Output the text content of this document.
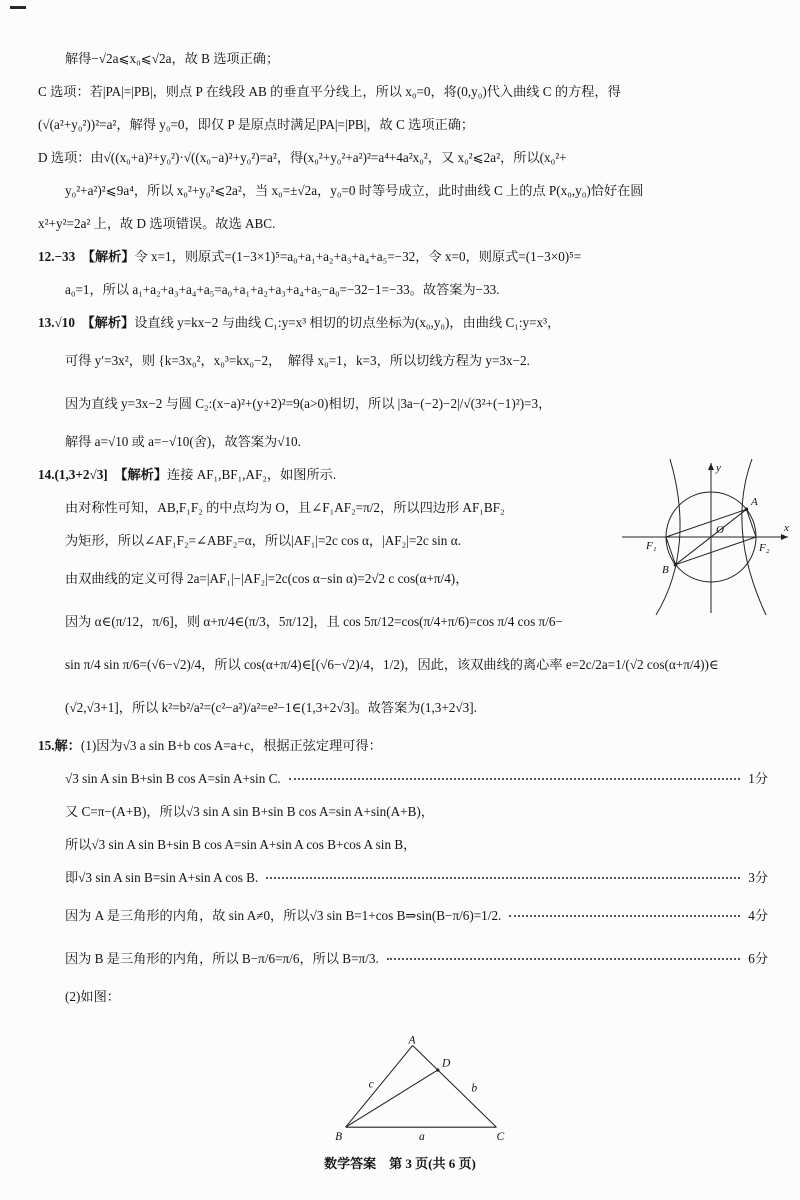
解得−√2a⩽x₀⩽√2a，故 B 选项正确；
C 选项：若|PA|=|PB|，则点 P 在线段 AB 的垂直平分线上，所以 x₀=0，将(0,y₀)代入曲线 C 的方程，得
(√(a²+y₀²))²=a²，解得 y₀=0，即仅 P 是原点时满足|PA|=|PB|，故 C 选项正确；
D 选项：由√((x₀+a)²+y₀²)·√((x₀−a)²+y₀²)=a²，得(x₀²+y₀²+a²)²=a⁴+4a²x₀²，又 x₀²⩽2a²，所以(x₀²+
y₀²+a²)²⩽9a⁴，所以 x₀²+y₀²⩽2a²，当 x₀=±√2a，y₀=0 时等号成立，此时曲线 C 上的点 P(x₀,y₀)恰好在圆
x²+y²=2a² 上，故 D 选项错误。故选 ABC.
12.−33　【解析】令 x=1，则原式=(1−3×1)⁵=a₀+a₁+a₂+a₃+a₄+a₅=−32，令 x=0，则原式=(1−3×0)⁵=
a₀=1，所以 a₁+a₂+a₃+a₄+a₅=a₀+a₁+a₂+a₃+a₄+a₅−a₀=−32−1=−33。故答案为−33.
13.√10　【解析】设直线 y=kx−2 与曲线 C₁:y=x³ 相切的切点坐标为(x₀,y₀)，由曲线 C₁:y=x³，
可得 y′=3x²，则 {k=3x₀²，x₀³=kx₀−2，　解得 x₀=1，k=3，所以切线方程为 y=3x−2.
因为直线 y=3x−2 与圆 C₂:(x−a)²+(y+2)²=9(a>0)相切，所以 |3a−(−2)−2|/√(3²+(−1)²)=3，
解得 a=√10 或 a=−√10(舍)，故答案为√10.
14.(1,3+2√3]　【解析】连接 AF₁,BF₁,AF₂，如图所示.
由对称性可知，AB,F₁F₂ 的中点均为 O，且∠F₁AF₂=π/2，所以四边形 AF₁BF₂
为矩形，所以∠AF₁F₂=∠ABF₂=α，所以|AF₁|=2c cos α，|AF₂|=2c sin α.
由双曲线的定义可得 2a=|AF₁|−|AF₂|=2c(cos α−sin α)=2√2 c cos(α+π/4)，
因为 α∈(π/12，π/6]，则 α+π/4∈(π/3，5π/12]，且 cos 5π/12=cos(π/4+π/6)=cos π/4 cos π/6−
sin π/4 sin π/6=(√6−√2)/4，所以 cos(α+π/4)∈[(√6−√2)/4，1/2)，因此，该双曲线的离心率 e=2c/2a=1/(√2 cos(α+π/4))∈
(√2,√3+1]，所以 k²=b²/a²=(c²−a²)/a²=e²−1∈(1,3+2√3]。故答案为(1,3+2√3].
15.解：(1)因为√3 a sin B+b cos A=a+c，根据正弦定理可得：
√3 sin A sin B+sin B cos A=sin A+sin C.	1分
又 C=π−(A+B)，所以√3 sin A sin B+sin B cos A=sin A+sin(A+B)，
所以√3 sin A sin B+sin B cos A=sin A+sin A cos B+cos A sin B，
即√3 sin A sin B=sin A+sin A cos B.	3分
因为 A 是三角形的内角，故 sin A≠0，所以√3 sin B=1+cos B⇒sin(B−π/6)=1/2.	4分
因为 B 是三角形的内角，所以 B−π/6=π/6，所以 B=π/3.	6分
(2)如图：
y
x
O
F₁	F₂
A
B
A
D
B	C
c	b
a
数学答案　第 3 页(共 6 页)
